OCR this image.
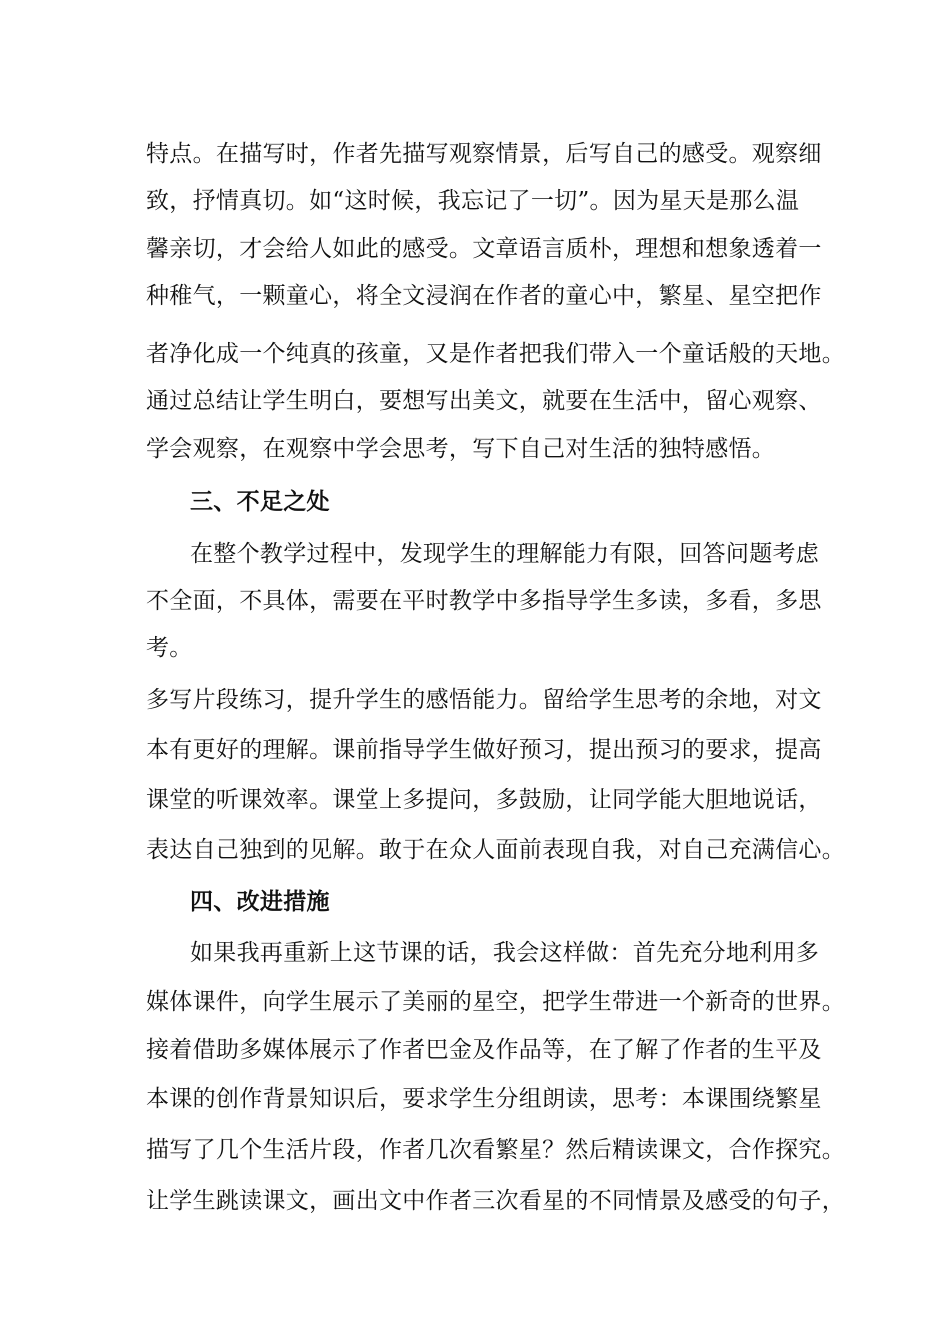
特点。在描写时，作者先描写观察情景，后写自己的感受。观察细

致，抒情真切。如“这时候，我忘记了一切”。因为星天是那么温

馨亲切，才会给人如此的感受。文章语言质朴，理想和想象透着一

种稚气，一颗童心，将全文浸润在作者的童心中，繁星、星空把作

者净化成一个纯真的孩童，又是作者把我们带入一个童话般的天地。

通过总结让学生明白，要想写出美文，就要在生活中，留心观察、

学会观察，在观察中学会思考，写下自己对生活的独特感悟。

三、不足之处

在整个教学过程中，发现学生的理解能力有限，回答问题考虑

不全面，不具体，需要在平时教学中多指导学生多读，多看，多思

考。

多写片段练习，提升学生的感悟能力。留给学生思考的余地，对文

本有更好的理解。课前指导学生做好预习，提出预习的要求，提高

课堂的听课效率。课堂上多提问，多鼓励，让同学能大胆地说话，

表达自己独到的见解。敢于在众人面前表现自我，对自己充满信心。

四、改进措施

如果我再重新上这节课的话，我会这样做：首先充分地利用多

媒体课件，向学生展示了美丽的星空，把学生带进一个新奇的世界。

接着借助多媒体展示了作者巴金及作品等，在了解了作者的生平及

本课的创作背景知识后，要求学生分组朗读，思考：本课围绕繁星

描写了几个生活片段，作者几次看繁星？然后精读课文，合作探究。

让学生跳读课文，画出文中作者三次看星的不同情景及感受的句子，
